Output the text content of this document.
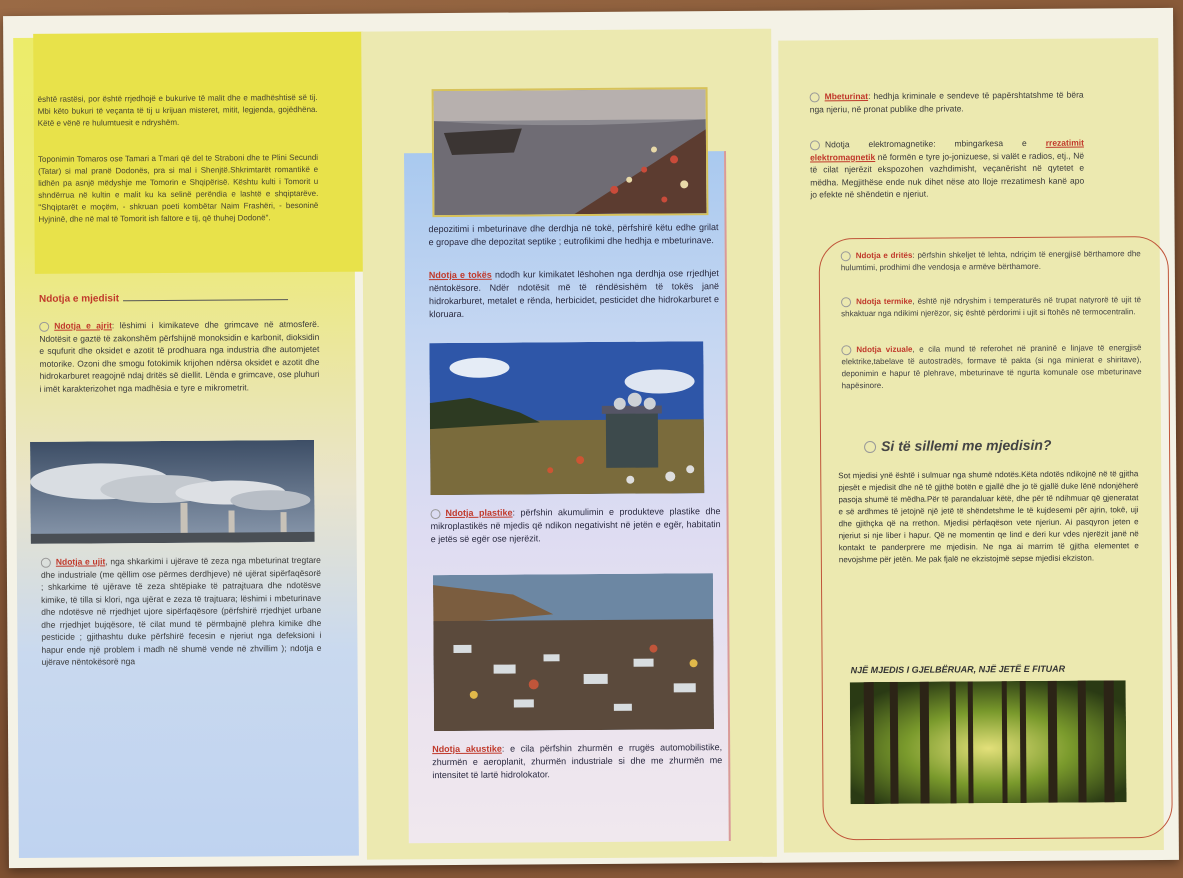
është rastësi, por është rrjedhojë e bukurive të malit dhe e madhështisë së tij. Mbi këto bukuri të veçanta të tij u krijuan misteret, mitit, legjenda, gojëdhëna. Këtë e vënë re hulumtuesit e ndryshëm.

Toponimin Tomaros ose Tamari a Tmari që del te Straboni dhe te Plini Secundi (Tatar) si mal pranë Dodonës, pra si mal i Shenjtë.Shkrimtarët romantikë e lidhën pa asnjë mëdyshje me Tomorin e Shqipërisë. Kështu kulti i Tomorit u shndërrua në kultin e malit ku ka selinë perëndia e lashtë e shqiptarëve. "Shqiptarët e moçëm, - shkruan poeti kombëtar Naim Frashëri, - besoninë Hyjninë, dhe në mal të Tomorit ish faltore e tij, që thuhej Dodonë".

Ndotja e mjedisit
Ndotja e ajrit: lëshimi i kimikateve dhe grimcave në atmosferë. Ndotësit e gaztë të zakonshëm përfshijnë monoksidin e karbonit, dioksidin e squfurit dhe oksidet e azotit të prodhuara nga industria dhe automjetet motorike. Ozoni dhe smogu fotokimik krijohen ndërsa oksidet e azotit dhe hidrokarburet reagojnë ndaj dritës së diellit. Lënda e grimcave, ose pluhuri i imët karakterizohet nga madhësia e tyre e mikrometrit.
Ndotja e ujit, nga shkarkimi i ujërave të zeza nga mbeturinat tregtare dhe industriale (me qëllim ose përmes derdhjeve) në ujërat sipërfaqësorë ; shkarkime të ujërave të zeza shtëpiake të patrajtuara dhe ndotësve kimike, të tilla si klori, nga ujërat e zeza të trajtuara; lëshimi i mbeturinave dhe ndotësve në rrjedhjet ujore sipërfaqësore (përfshirë rrjedhjet urbane dhe rrjedhjet bujqësore, të cilat mund të përmbajnë plehra kimike dhe pesticide ; gjithashtu duke përfshirë fecesin e njeriut nga defeksioni i hapur ende një problem i madh në shumë vende në zhvillim ); ndotja e ujërave nëntokësorë nga

depozitimi i mbeturinave dhe derdhja në tokë, përfshirë këtu edhe grilat e gropave dhe depozitat septike ; eutrofikimi dhe hedhja e mbeturinave.

Ndotja e tokës ndodh kur kimikatet lëshohen nga derdhja ose rrjedhjet nëntokësore. Ndër ndotësit më të rëndësishëm të tokës janë hidrokarburet, metalet e rënda, herbicidet, pesticidet dhe hidrokarburet e kloruara.
Ndotja plastike: përfshin akumulimin e produkteve plastike dhe mikroplastikës në mjedis që ndikon negativisht në jetën e egër, habitatin e jetës së egër ose njerëzit.
Ndotja akustike: e cila përfshin zhurmën e rrugës automobilistike, zhurmën e aeroplanit, zhurmën industriale si dhe me zhurmën me intensitet të lartë hidrolokator.
Mbeturinat: hedhja kriminale e sendeve të papërshtatshme të bëra nga njeriu, në pronat publike dhe private.
Ndotja elektromagnetike: mbingarkesa e rrezatimit elektromagnetik në formën e tyre jo-jonizuese, si valët e radios, etj., Në të cilat njerëzit ekspozohen vazhdimisht, veçanërisht në qytetet e mëdha. Megjithëse ende nuk dihet nëse ato lloje rrezatimesh kanë apo jo efekte në shëndetin e njeriut.
Ndotja e dritës: përfshin shkeljet të lehta, ndriçim të energjisë bërthamore dhe hulumtimi, prodhimi dhe vendosja e armëve bërthamore.
Ndotja termike, është një ndryshim i temperaturës në trupat natyrorë të ujit të shkaktuar nga ndikimi njerëzor, siç është përdorimi i ujit si ftohës në termocentralin.
Ndotja vizuale, e cila mund të referohet në praninë e linjave të energjisë elektrike,tabelave të autostradës, formave të pakta (si nga minierat e shiritave), deponimin e hapur të plehrave, mbeturinave të ngurta komunale ose mbeturinave hapësinore.
Si të sillemi me mjedisin?

Sot mjedisi ynë është i sulmuar nga shumë ndotës.Këta ndotës ndikojnë në të gjitha pjesët e mjedisit dhe në të gjithë botën e gjallë dhe jo të gjallë duke lënë ndonjëherë pasoja shumë të mëdha.Për të parandaluar këtë, dhe për të ndihmuar që gjeneratat e së ardhmes të jetojnë një jetë të shëndetshme le të kujdesemi për ajrin, tokë, uji dhe gjithçka që na rrethon. Mjedisi përfaqëson vete njeriun. Ai pasqyron jeten e njeriut si nje liber i hapur. Që ne momentin qe lind e deri kur vdes njerëzit janë në kontakt te panderprere me mjedisin. Ne nga ai marrim të gjitha elementet e nevojshme për jetën. Me pak fjalë ne ekzistojmë sepse mjedisi ekziston.

NJË MJEDIS I GJELBËRUAR, NJË JETË E FITUAR
